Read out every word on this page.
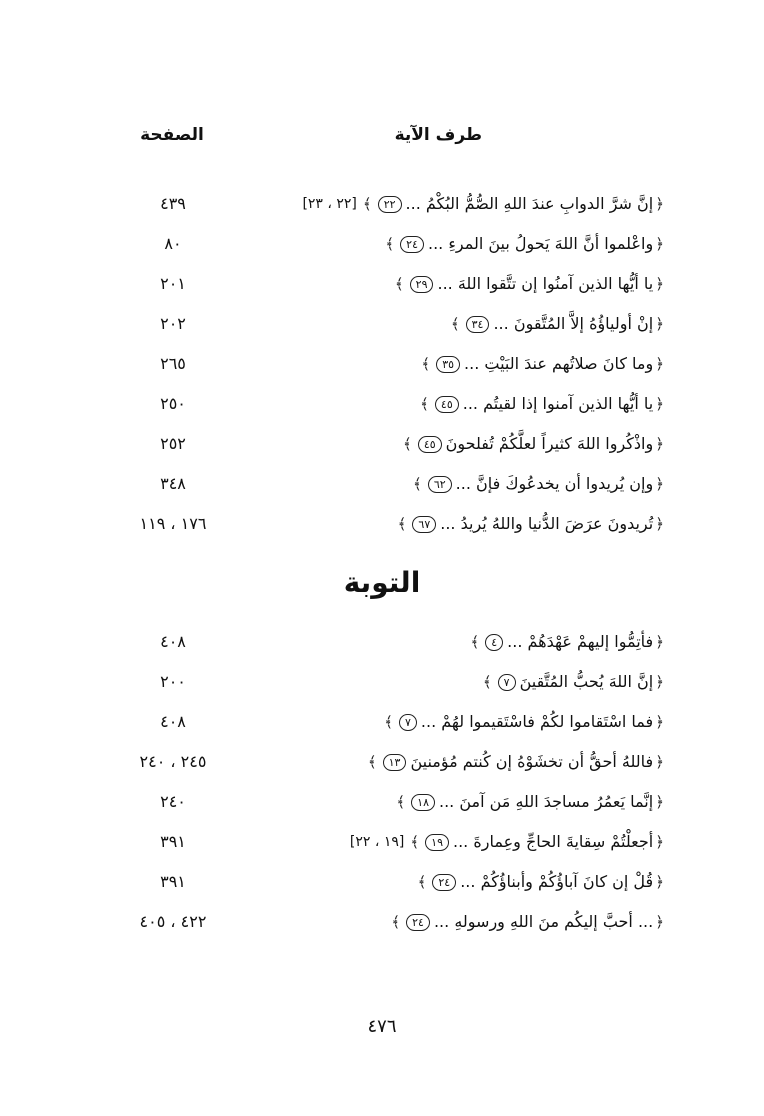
طرف الآية
الصفحة
﴿
إنَّ شرَّ الدوابِ عندَ اللهِ الصُّمُّ البُكْمُ ...
٢٢
﴾
[٢٢ ، ٢٣]
٤٣٩
﴿
واعْلموا أنَّ اللهَ يَحولُ بينَ المرءِ ...
٢٤
﴾
٨٠
﴿
يا أيُّها الذين آمنُوا إن تتَّقوا اللهَ ...
٢٩
﴾
٢٠١
﴿
إنْ أولياؤُهُ إلاَّ المُتَّقونَ ...
٣٤
﴾
٢٠٢
﴿
وما كانَ صلاتُهم عندَ البَيْتِ ...
٣٥
﴾
٢٦٥
﴿
يا أيُّها الذين آمنوا إذا لقيتُم ...
٤٥
﴾
٢٥٠
﴿
واذْكُروا اللهَ كثيراً لعلَّكُمْ تُفلحونَ
٤٥
﴾
٢٥٢
﴿
وإن يُريدوا أن يخدعُوكَ فإنَّ ...
٦٢
﴾
٣٤٨
﴿
تُريدونَ عرَضَ الدُّنيا واللهُ يُريدُ ...
٦٧
﴾
١٧٦ ، ١١٩
التوبة
﴿
فأتِمُّوا إليهمْ عَهْدَهُمْ ...
٤
﴾
٤٠٨
﴿
إنَّ اللهَ يُحبُّ المُتَّقينَ
٧
﴾
٢٠٠
﴿
فما اسْتَقاموا لكُمْ فاسْتَقيموا لهُمْ ...
٧
﴾
٤٠٨
﴿
فاللهُ أحقُّ أن تخشَوْهُ إن كُنتم مُؤمنينَ
١٣
﴾
٢٤٥ ، ٢٤٠
﴿
إنَّما يَعمُرُ مساجدَ اللهِ مَن آمنَ ...
١٨
﴾
٢٤٠
﴿
أجعلْتُمْ سِقايةَ الحاجِّ وعِمارةَ ...
١٩
﴾
[١٩ ، ٢٢]
٣٩١
﴿
قُلْ إن كانَ آباؤُكُمْ وأبناؤُكُمْ ...
٢٤
﴾
٣٩١
﴿
... أحبَّ إليكُم منَ اللهِ ورسولهِ ...
٢٤
﴾
٤٢٢ ، ٤٠٥
٤٧٦
